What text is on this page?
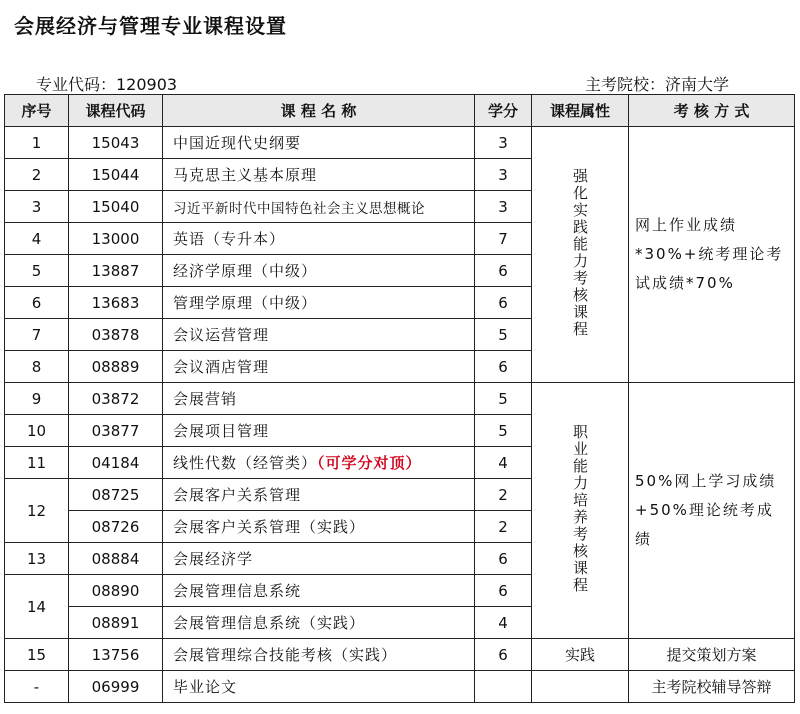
会展经济与管理专业课程设置
专业代码：120903	主考院校：济南大学
序号	课程代码	课 程 名 称	学分	课程属性	考 核 方 式
1	15043	中国近现代史纲要	3	强化实践能力考核课程	网上作业成绩*30%+统考理论考试成绩*70%

2	15044	马克思主义基本原理	3		
3	15040	习近平新时代中国特色社会主义思想概论	3		
4	13000	英语（专升本）	7		
5	13887	经济学原理（中级）	6		
6	13683	管理学原理（中级）	6		
7	03878	会议运营管理	5		
8	08889	会议酒店管理	6		
9	03872	会展营销	5	职业能力培养考核课程	50%网上学习成绩+50%理论统考成绩

10	03877	会展项目管理	5		
11	04184	线性代数（经管类）（可学分对顶）	4		
12	08725	会展客户关系管理	2		
	08726	会展客户关系管理（实践）	2		
13	08884	会展经济学	6		
14	08890	会展管理信息系统	6		
	08891	会展管理信息系统（实践）	4		
15	13756	会展管理综合技能考核（实践）	6	实践	提交策划方案
-	06999	毕业论文			主考院校辅导答辩
